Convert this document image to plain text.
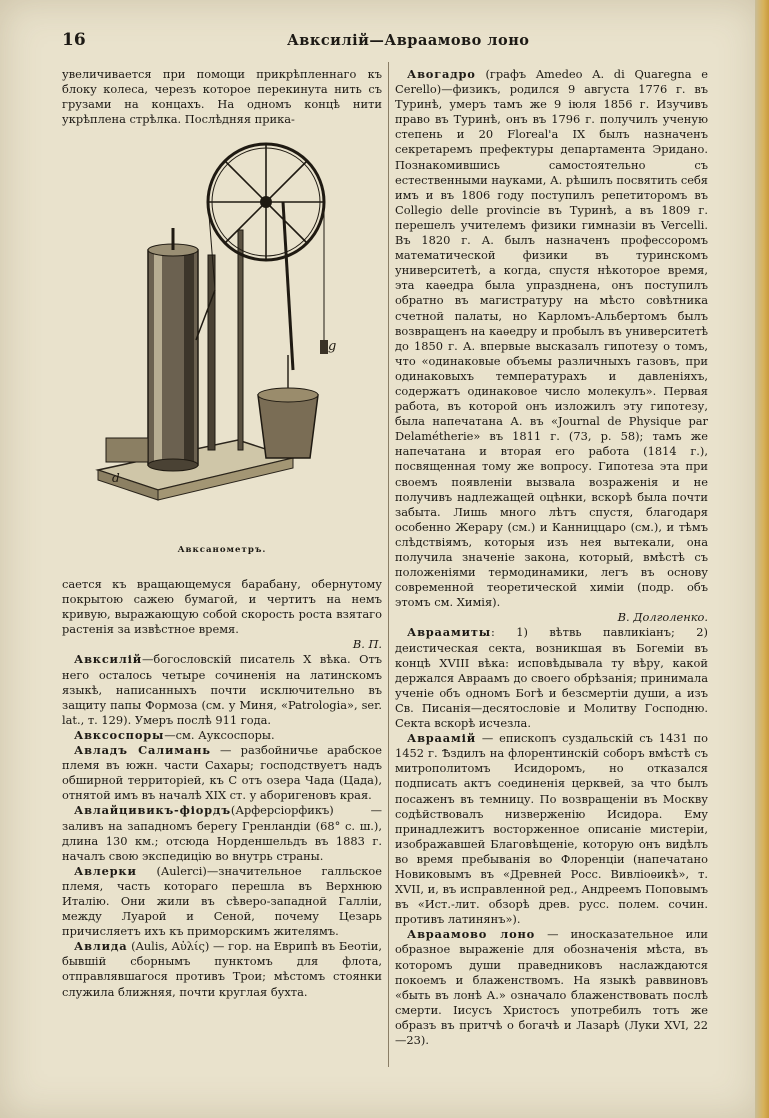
16	Авксилій—Авраамово лоно

увеличивается при помощи прикрѣпленнаго къ блоку колеса, черезъ которое перекинута нить съ грузами на концахъ. На одномъ концѣ нити укрѣплена стрѣлка. Послѣдняя прика-

g
d
Авксанометръ.

сается къ вращающемуся барабану, обернутому покрытою сажею бумагой, и чертитъ на немъ кривую, выражающую собой скорость роста взятаго растенія за извѣстное время.
В. П.

Авксилій—богословскій писатель X вѣка. Отъ него осталось четыре сочиненія на латинскомъ языкѣ, написанныхъ почти исключительно въ защиту папы Формоза (см. у Миня, «Patrologia», ser. lat., т. 129). Умеръ послѣ 911 года.

Авксоспоры—см. Ауксоспоры.

Авладъ Салимань — разбойничье арабское племя въ южн. части Сахары; господствуетъ надъ обширной территоріей, къ С отъ озера Чада (Цада), отнятой имъ въ началѣ XIX ст. у аборигеновъ края.

Авлайцивикъ-фіордъ(Арферсіорфикъ) — заливъ на западномъ берегу Гренландіи (68° с. ш.), длина 130 км.; отсюда Норденшельдъ въ 1883 г. началъ свою экспедицію во внутрь страны.

Авлерки (Aulerci)—значительное галльское племя, часть котораго перешла въ Верхнюю Италію. Они жили въ сѣверо-западной Галліи, между Луарой и Сеной, почему Цезарь причисляетъ ихъ къ приморскимъ жителямъ.

Авлида (Aulis, Αὐλίς) — гор. на Еврипѣ въ Беотіи, бывшій сборнымъ пунктомъ для флота, отправлявшагося противъ Трои; мѣстомъ стоянки служила ближняя, почти круглая бухта.

Авогадро (графъ Amedeo A. di Quaregna e Cerello)—физикъ, родился 9 августа 1776 г. въ Туринѣ, умеръ тамъ же 9 іюля 1856 г. Изучивъ право въ Туринѣ, онъ въ 1796 г. получилъ ученую степень и 20 Floreal'a IX былъ назначенъ секретаремъ префектуры департамента Эридано. Познакомившись самостоятельно съ естественными науками, А. рѣшилъ посвятить себя имъ и въ 1806 году поступилъ репетиторомъ въ Collegio delle provincie въ Туринѣ, а въ 1809 г. перешелъ учителемъ физики гимназіи въ Vercelli. Въ 1820 г. А. былъ назначенъ профессоромъ математической физики въ туринскомъ университетѣ, а когда, спустя нѣкоторое время, эта каѳедра была упразднена, онъ поступилъ обратно въ магистратуру на мѣсто совѣтника счетной палаты, но Карломъ-Альбертомъ былъ возвращенъ на каѳедру и пробылъ въ университетѣ до 1850 г. А. впервые высказалъ гипотезу о томъ, что «одинаковые объемы различныхъ газовъ, при одинаковыхъ температурахъ и давленіяхъ, содержатъ одинаковое число молекулъ». Первая работа, въ которой онъ изложилъ эту гипотезу, была напечатана А. въ «Journal de Physique par Delamétherie» въ 1811 г. (73, р. 58); тамъ же напечатана и вторая его работа (1814 г.), посвященная тому же вопросу. Гипотеза эта при своемъ появленіи вызвала возраженія и не получивъ надлежащей оцѣнки, вскорѣ была почти забыта. Лишь много лѣтъ спустя, благодаря особенно Жерару (см.) и Канниццаро (см.), и тѣмъ слѣдствіямъ, которыя изъ нея вытекали, она получила значеніе закона, который, вмѣстѣ съ положеніями термодинамики, легъ въ основу современной теоретической химіи (подр. объ этомъ см. Химія).
В. Долголенко.

Авраамиты: 1) вѣтвь павликіанъ; 2) деистическая секта, возникшая въ Богеміи въ концѣ XVIII вѣка: исповѣдывала ту вѣру, какой держался Авраамъ до своего обрѣзанія; принимала ученіе объ одномъ Богѣ и безсмертіи души, а изъ Св. Писанія—десятословіе и Молитву Господню. Секта вскорѣ исчезла.

Авраамій — епископъ суздальскій съ 1431 по 1452 г. Ѣздилъ на флорентинскій соборъ вмѣстѣ съ митрополитомъ Исидоромъ, но отказался подписать актъ соединенія церквей, за что былъ посаженъ въ темницу. По возвращеніи въ Москву содѣйствовалъ низверженію Исидора. Ему принадлежитъ восторженное описаніе мистеріи, изображавшей Благовѣщеніе, которую онъ видѣлъ во время пребыванія во Флоренціи (напечатано Новиковымъ въ «Древней Росс. Вивліоѳикѣ», т. XVII, и, въ исправленной ред., Андреемъ Поповымъ въ «Ист.-лит. обзорѣ древ. русс. полем. сочин. противъ латинянъ»).

Авраамово лоно — иносказательное или образное выраженіе для обозначенія мѣста, въ которомъ души праведниковъ наслаждаются покоемъ и блаженствомъ. На языкѣ раввиновъ «быть въ лонѣ А.» означало блаженствовать послѣ смерти. Іисусъ Христосъ употребилъ тотъ же образъ въ притчѣ о богачѣ и Лазарѣ (Луки XVI, 22—23).
